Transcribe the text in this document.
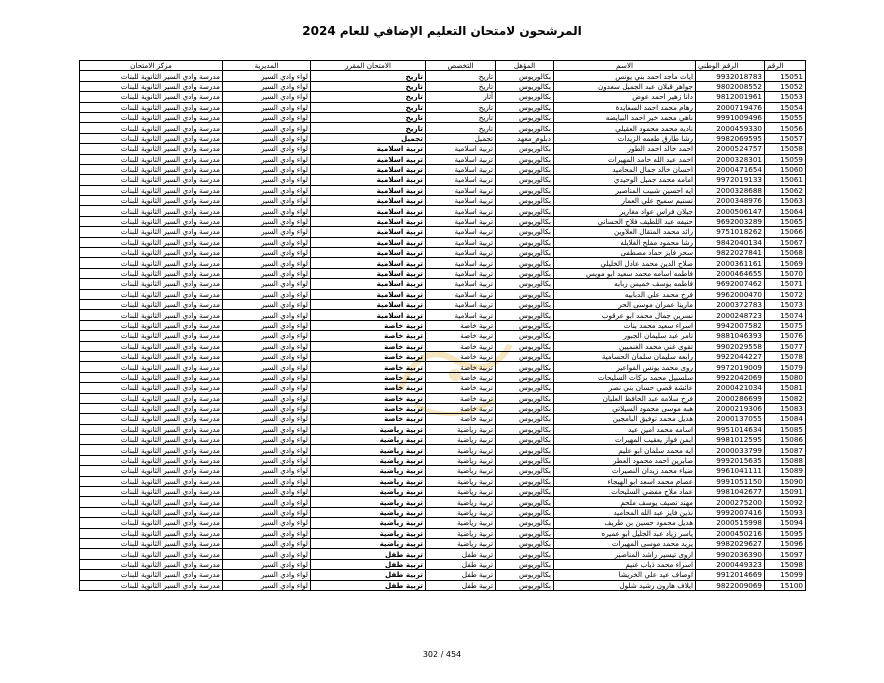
المرشحون لامتحان التعليم الإضافي للعام 2024
الرقم	الرقم الوطني	الاسم	المؤهل	التخصص	الامتحان المقرر	المديرية	مركز الامتحان
15051	9932018783	ايات ماجد احمد بني يونس	بكالوريوس	تاريخ	تاريخ	لواء وادي السير	مدرسة وادي السير الثانوية للبنات
15052	9802008552	جواهر قبلان عبد الجميل سعدون	بكالوريوس	تاريخ	تاريخ	لواء وادي السير	مدرسة وادي السير الثانوية للبنات
15053	9812001961	دانا زهير احمد عوض	بكالوريوس	آثار	تاريخ	لواء وادي السير	مدرسة وادي السير الثانوية للبنات
15054	2000719476	رهام محمد احمد السعايدة	بكالوريوس	تاريخ	تاريخ	لواء وادي السير	مدرسة وادي السير الثانوية للبنات
15055	9991009496	ناهي محمد خير احمد البيايضه	بكالوريوس	تاريخ	تاريخ	لواء وادي السير	مدرسة وادي السير الثانوية للبنات
15056	2000459330	ناديه محمد محمود العقيلي	بكالوريوس	تاريخ	تاريخ	لواء وادي السير	مدرسة وادي السير الثانوية للبنات
15057	9982069595	رشا طارق طعمه الزيدات	دبلوم_معهد	تجميل	تجميل	لواء وادي السير	مدرسة وادي السير الثانوية للبنات
15058	2000524757	احمد خالد احمد الطور	بكالوريوس	تربية اسلامية	تربية اسلامية	لواء وادي السير	مدرسة وادي السير الثانوية للبنات
15059	2000328301	احمد عبد الله حامد المهيرات	بكالوريوس	تربية اسلامية	تربية اسلامية	لواء وادي السير	مدرسة وادي السير الثانوية للبنات
15060	2000471654	احسان خالد جمال المحاميد	بكالوريوس	تربية اسلامية	تربية اسلامية	لواء وادي السير	مدرسة وادي السير الثانوية للبنات
15061	9972019133	امامه محمد جميل الوحيدي	بكالوريوس	تربية اسلامية	تربية اسلامية	لواء وادي السير	مدرسة وادي السير الثانوية للبنات
15062	2000328688	ايه احسين شبيب المناصير	بكالوريوس	تربية اسلامية	تربية اسلامية	لواء وادي السير	مدرسة وادي السير الثانوية للبنات
15063	2000348976	تسنيم سميح علي العمار	بكالوريوس	تربية اسلامية	تربية اسلامية	لواء وادي السير	مدرسة وادي السير الثانوية للبنات
15064	2000506147	جيلان فراس عواد مغارير	بكالوريوس	تربية اسلامية	تربية اسلامية	لواء وادي السير	مدرسة وادي السير الثانوية للبنات
15065	9692003289	حنيفه عبد اللطيف فلاح الحساني	بكالوريوس	تربية اسلامية	تربية اسلامية	لواء وادي السير	مدرسة وادي السير الثانوية للبنات
15066	9751018262	رائد محمد المتقال العلاوين	بكالوريوس	تربية اسلامية	تربية اسلامية	لواء وادي السير	مدرسة وادي السير الثانوية للبنات
15067	9842040134	رشا محمود مفلح الغلايله	بكالوريوس	تربية اسلامية	تربية اسلامية	لواء وادي السير	مدرسة وادي السير الثانوية للبنات
15068	9822027841	سحر فايز حماد مصطفى	بكالوريوس	تربية اسلامية	تربية اسلامية	لواء وادي السير	مدرسة وادي السير الثانوية للبنات
15069	2000361161	صلاح الدين محمد عادل الخليلي	بكالوريوس	تربية اسلامية	تربية اسلامية	لواء وادي السير	مدرسة وادي السير الثانوية للبنات
15070	2000464655	فاطمه اسامه محمد سعيد ابو مويس	بكالوريوس	تربية اسلامية	تربية اسلامية	لواء وادي السير	مدرسة وادي السير الثانوية للبنات
15071	9692007462	فاطمه يوسف خميس ربابه	بكالوريوس	تربية اسلامية	تربية اسلامية	لواء وادي السير	مدرسة وادي السير الثانوية للبنات
15072	9962000470	فرح محمد علي الدبابيه	بكالوريوس	تربية اسلامية	تربية اسلامية	لواء وادي السير	مدرسة وادي السير الثانوية للبنات
15073	2000372783	مارينا عمران موسى الحر	بكالوريوس	تربية اسلامية	تربية اسلامية	لواء وادي السير	مدرسة وادي السير الثانوية للبنات
15074	2000248723	نسرين جمال محمد ابو عرقوب	بكالوريوس	تربية اسلامية	تربية اسلامية	لواء وادي السير	مدرسة وادي السير الثانوية للبنات
15075	9942007582	اسراء سعيد محمد بنات	بكالوريوس	تربية خاصة	تربية خاصة	لواء وادي السير	مدرسة وادي السير الثانوية للبنات
15076	9881046393	تامر عبد سليمان الجبور	بكالوريوس	تربية خاصة	تربية خاصة	لواء وادي السير	مدرسة وادي السير الثانوية للبنات
15077	9902029558	تقوى غني محمد الغنميين	بكالوريوس	تربية خاصة	تربية خاصة	لواء وادي السير	مدرسة وادي السير الثانوية للبنات
15078	9922044227	رابعه سليمان سلمان الحسامية	بكالوريوس	تربية خاصة	تربية خاصة	لواء وادي السير	مدرسة وادي السير الثانوية للبنات
15079	9972019009	روى محمد يونس الفواعير	بكالوريوس	تربية خاصة	تربية خاصة	لواء وادي السير	مدرسة وادي السير الثانوية للبنات
15080	9922042069	سلسبيل محمد بركات السليحات	بكالوريوس	تربية خاصة	تربية خاصة	لواء وادي السير	مدرسة وادي السير الثانوية للبنات
15081	2000421034	عائشه قصي حسان بني نصر	بكالوريوس	تربية خاصة	تربية خاصة	لواء وادي السير	مدرسة وادي السير الثانوية للبنات
15082	2000286699	فرح سلامه عبد الحافظ العليان	بكالوريوس	تربية خاصة	تربية خاصة	لواء وادي السير	مدرسة وادي السير الثانوية للبنات
15083	2000219306	هبه موسى محمود السيلاتي	بكالوريوس	تربية خاصة	تربية خاصة	لواء وادي السير	مدرسة وادي السير الثانوية للبنات
15084	2000137055	هديل محمد توفيق البامجين	بكالوريوس	تربية خاصة	تربية خاصة	لواء وادي السير	مدرسة وادي السير الثانوية للبنات
15085	9951014634	اسامه محمد امين عيد	بكالوريوس	تربية رياضية	تربية رياضية	لواء وادي السير	مدرسة وادي السير الثانوية للبنات
15086	9981012595	ايمن فواز يعقيب المهيرات	بكالوريوس	تربية رياضية	تربية رياضية	لواء وادي السير	مدرسة وادي السير الثانوية للبنات
15087	2000033799	ايه محمد سلمان ابو عليم	بكالوريوس	تربية رياضية	تربية رياضية	لواء وادي السير	مدرسة وادي السير الثانوية للبنات
15088	9992015635	صابرين احمد محمود العطر	بكالوريوس	تربية رياضية	تربية رياضية	لواء وادي السير	مدرسة وادي السير الثانوية للبنات
15089	9961041111	ضياء محمد زيدان النصيرات	بكالوريوس	تربية رياضية	تربية رياضية	لواء وادي السير	مدرسة وادي السير الثانوية للبنات
15090	9991051150	عصام محمد اسعد ابو الهيجاء	بكالوريوس	تربية رياضية	تربية رياضية	لواء وادي السير	مدرسة وادي السير الثانوية للبنات
15091	9981042677	عماد ملاح مفضي السليحات	بكالوريوس	تربية رياضية	تربية رياضية	لواء وادي السير	مدرسة وادي السير الثانوية للبنات
15092	2000275200	مهند نصيف يوسف ملحم	بكالوريوس	تربية رياضية	تربية رياضية	لواء وادي السير	مدرسة وادي السير الثانوية للبنات
15093	9992007416	نذين فايز عبد الله المحاميد	بكالوريوس	تربية رياضية	تربية رياضية	لواء وادي السير	مدرسة وادي السير الثانوية للبنات
15094	2000515998	هديل محمود حسين بن طريف	بكالوريوس	تربية رياضية	تربية رياضية	لواء وادي السير	مدرسة وادي السير الثانوية للبنات
15095	2000450216	ياسر زياد عبد الجليل ابو عميره	بكالوريوس	تربية رياضية	تربية رياضية	لواء وادي السير	مدرسة وادي السير الثانوية للبنات
15096	9982029627	يزيد محمد موسى المهيرات	بكالوريوس	تربية رياضية	تربية رياضية	لواء وادي السير	مدرسة وادي السير الثانوية للبنات
15097	9902036390	اروى تيسير راشد المناصير	بكالوريوس	تربية طفل	تربية طفل	لواء وادي السير	مدرسة وادي السير الثانوية للبنات
15098	2000449323	اسراء محمد ذياب غنيم	بكالوريوس	تربية طفل	تربية طفل	لواء وادي السير	مدرسة وادي السير الثانوية للبنات
15099	9912014669	اوصاف عيد علي الخريشا	بكالوريوس	تربية طفل	تربية طفل	لواء وادي السير	مدرسة وادي السير الثانوية للبنات
15100	9822009069	ايلاف هارون رشيد شلول	بكالوريوس	تربية طفل	تربية طفل	لواء وادي السير	مدرسة وادي السير الثانوية للبنات
302 / 454
